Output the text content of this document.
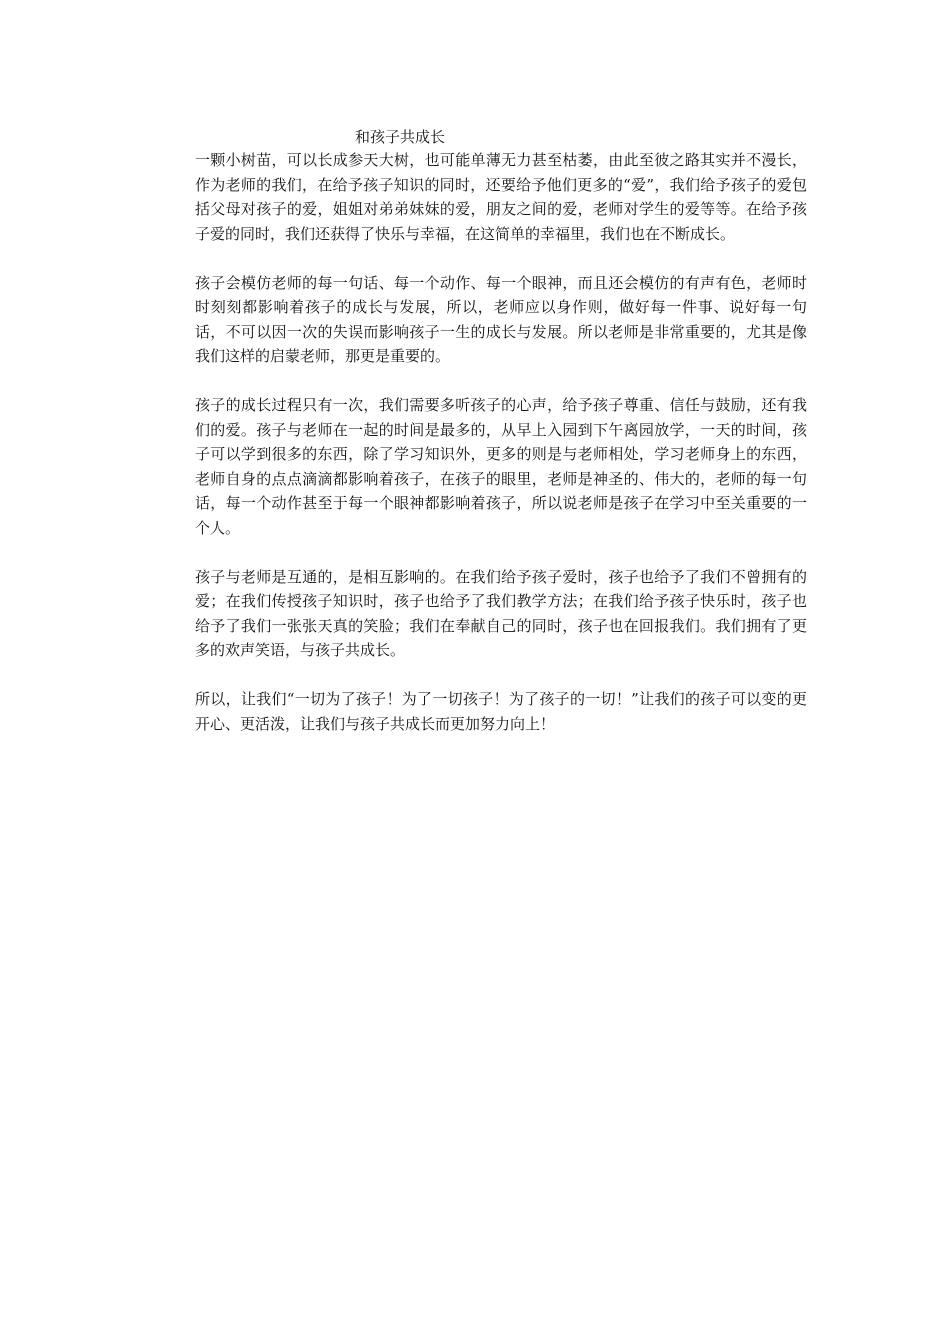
和孩子共成长

一颗小树苗，可以长成参天大树，也可能单薄无力甚至枯萎，由此至彼之路其实并不漫长，作为老师的我们，在给予孩子知识的同时，还要给予他们更多的“爱”，我们给予孩子的爱包括父母对孩子的爱，姐姐对弟弟妹妹的爱，朋友之间的爱，老师对学生的爱等等。在给予孩子爱的同时，我们还获得了快乐与幸福，在这简单的幸福里，我们也在不断成长。

孩子会模仿老师的每一句话、每一个动作、每一个眼神，而且还会模仿的有声有色，老师时时刻刻都影响着孩子的成长与发展，所以，老师应以身作则，做好每一件事、说好每一句话，不可以因一次的失误而影响孩子一生的成长与发展。所以老师是非常重要的，尤其是像我们这样的启蒙老师，那更是重要的。

孩子的成长过程只有一次，我们需要多听孩子的心声，给予孩子尊重、信任与鼓励，还有我们的爱。孩子与老师在一起的时间是最多的，从早上入园到下午离园放学，一天的时间，孩子可以学到很多的东西，除了学习知识外，更多的则是与老师相处，学习老师身上的东西，老师自身的点点滴滴都影响着孩子，在孩子的眼里，老师是神圣的、伟大的，老师的每一句话，每一个动作甚至于每一个眼神都影响着孩子，所以说老师是孩子在学习中至关重要的一个人。

孩子与老师是互通的，是相互影响的。在我们给予孩子爱时，孩子也给予了我们不曾拥有的爱；在我们传授孩子知识时，孩子也给予了我们教学方法；在我们给予孩子快乐时，孩子也给予了我们一张张天真的笑脸；我们在奉献自己的同时，孩子也在回报我们。我们拥有了更多的欢声笑语，与孩子共成长。

所以，让我们“一切为了孩子！为了一切孩子！为了孩子的一切！”让我们的孩子可以变的更开心、更活泼，让我们与孩子共成长而更加努力向上！
